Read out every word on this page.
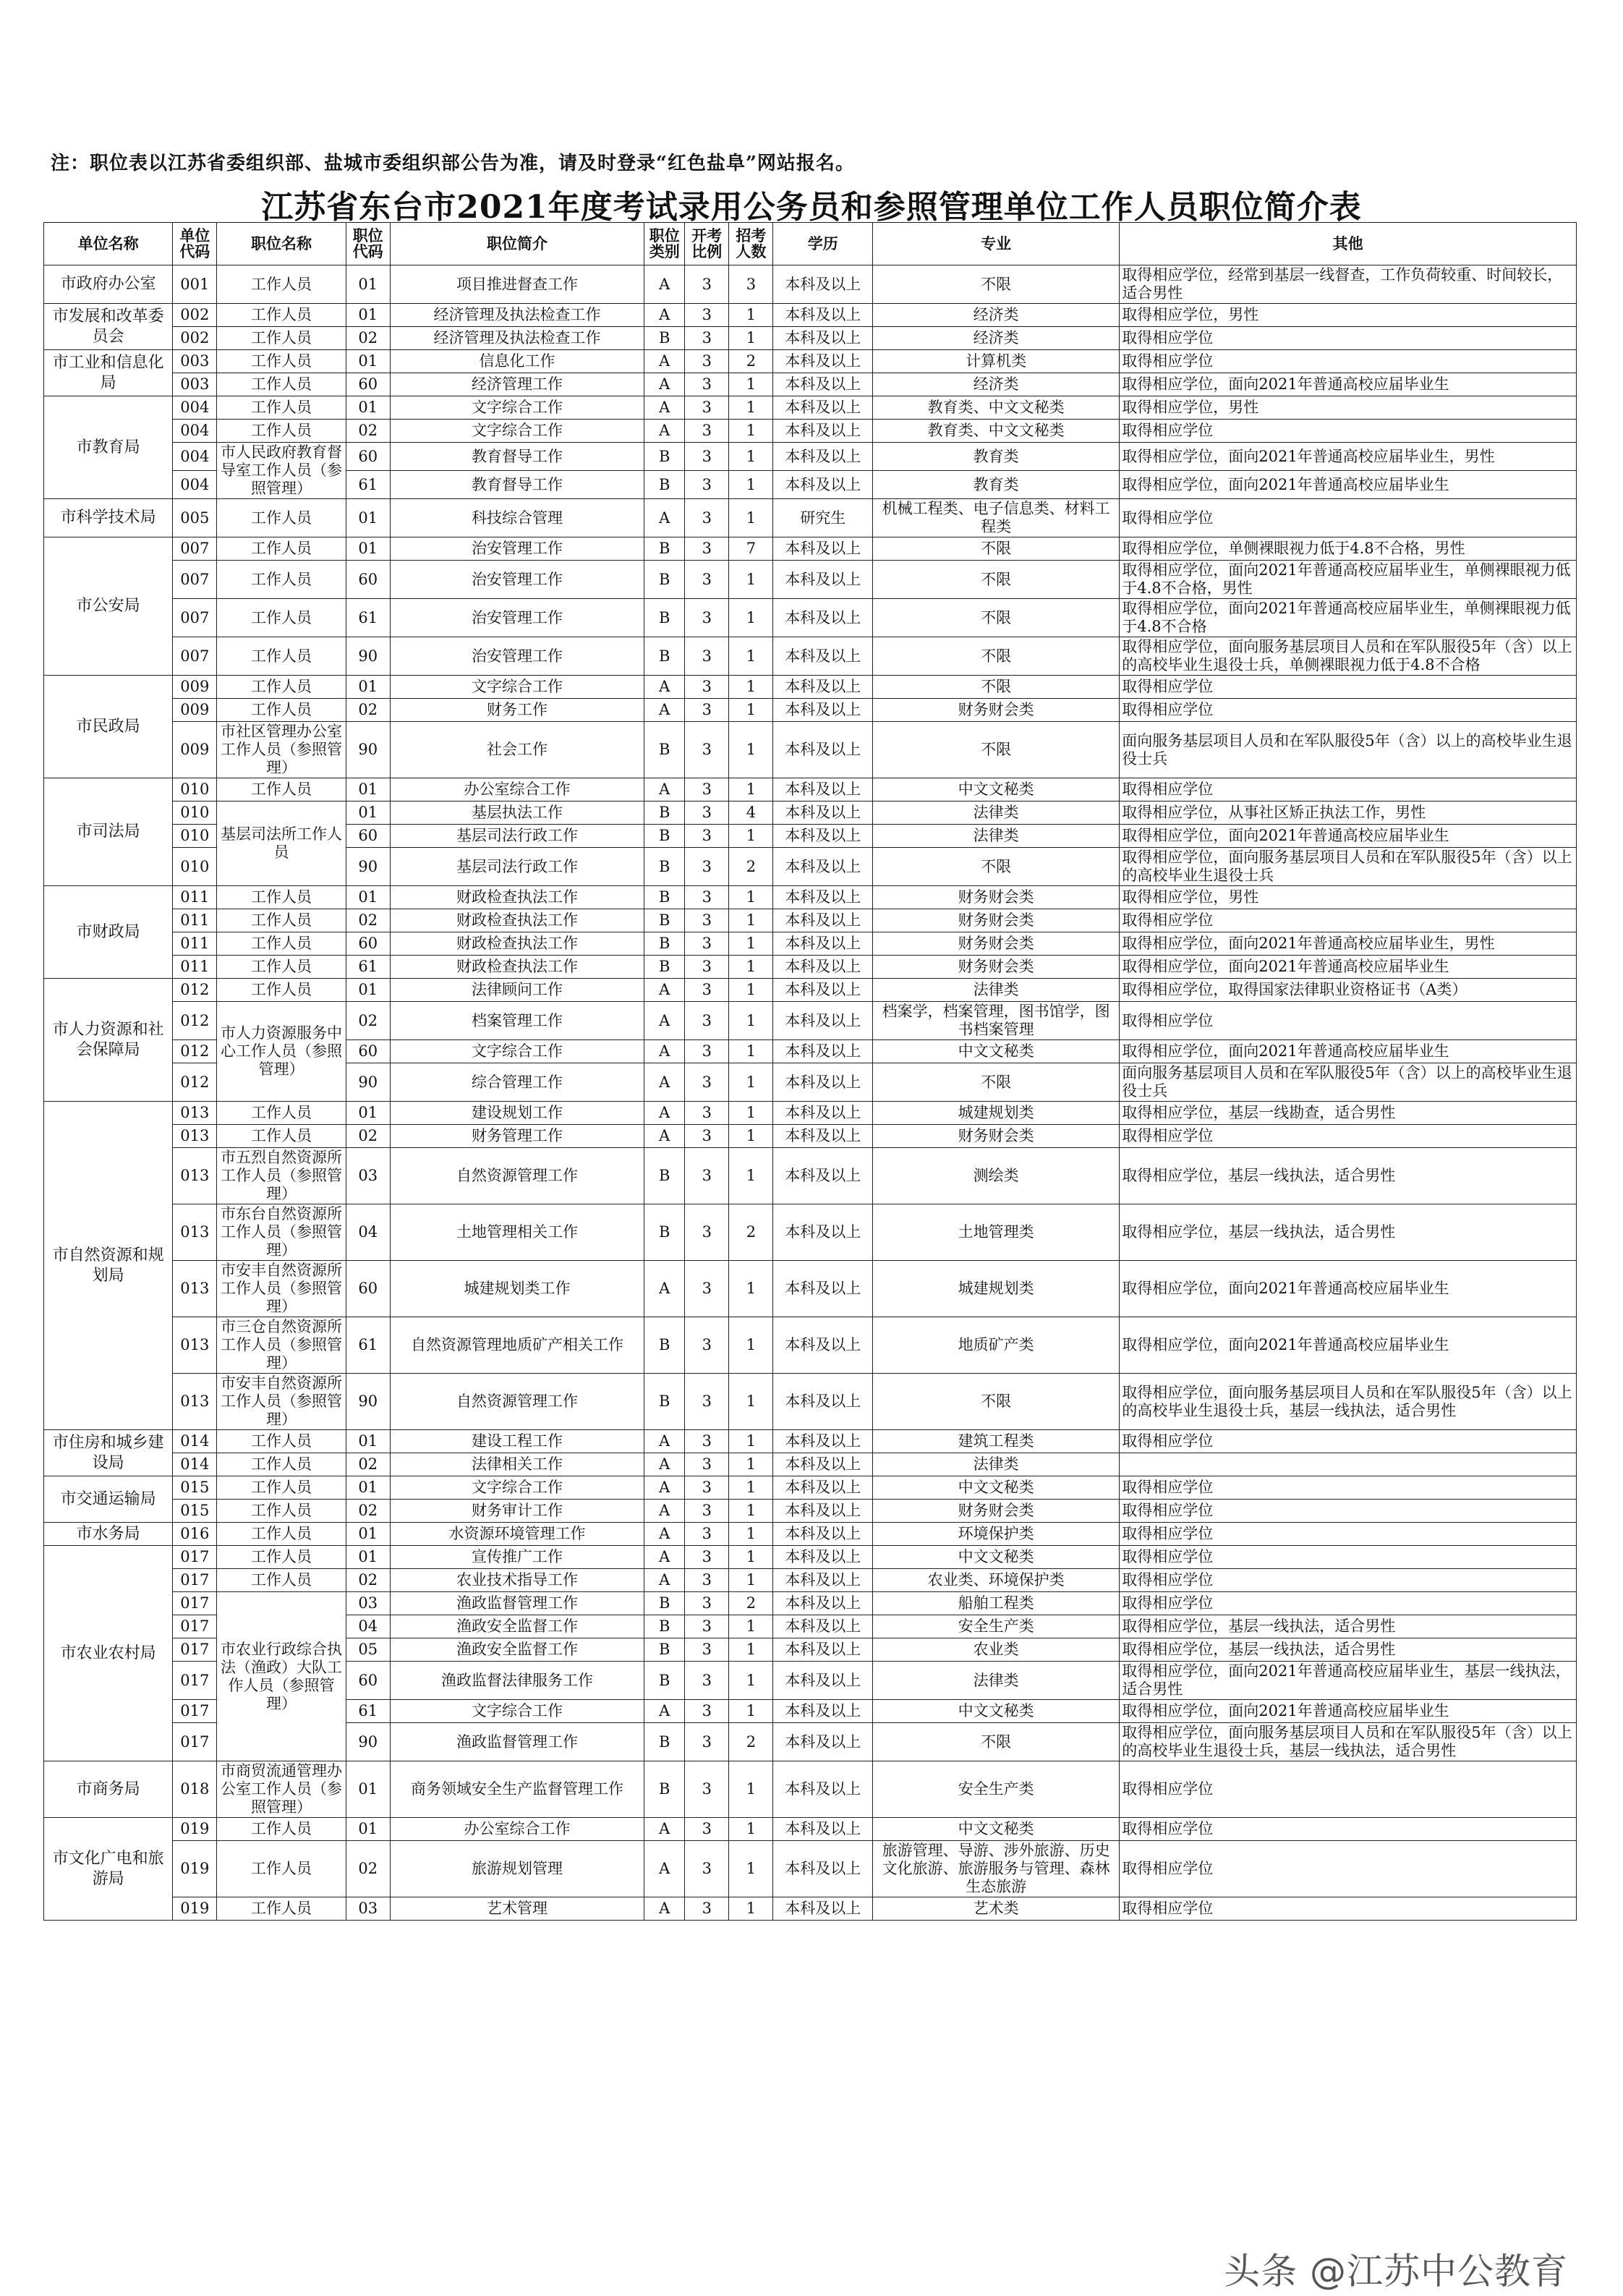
注：职位表以江苏省委组织部、盐城市委组织部公告为准，请及时登录“红色盐阜”网站报名。
江苏省东台市2021年度考试录用公务员和参照管理单位工作人员职位简介表
单位名称	单位代码	职位名称	职位代码	职位简介	职位类别	开考比例	招考人数	学历	专业	其他
市政府办公室	001	工作人员	01	项目推进督查工作	A	3	3	本科及以上	不限	取得相应学位，经常到基层一线督查，工作负荷较重、时间较长，适合男性
市发展和改革委员会	002	工作人员	01	经济管理及执法检查工作	A	3	1	本科及以上	经济类	取得相应学位，男性
	002	工作人员	02	经济管理及执法检查工作	B	3	1	本科及以上	经济类	取得相应学位
市工业和信息化局	003	工作人员	01	信息化工作	A	3	2	本科及以上	计算机类	取得相应学位
	003	工作人员	60	经济管理工作	A	3	1	本科及以上	经济类	取得相应学位，面向2021年普通高校应届毕业生
市教育局	004	工作人员	01	文字综合工作	A	3	1	本科及以上	教育类、中文文秘类	取得相应学位，男性
	004	工作人员	02	文字综合工作	A	3	1	本科及以上	教育类、中文文秘类	取得相应学位
	004	市人民政府教育督导室工作人员（参照管理）	60	教育督导工作	B	3	1	本科及以上	教育类	取得相应学位，面向2021年普通高校应届毕业生，男性
	004		61	教育督导工作	B	3	1	本科及以上	教育类	取得相应学位，面向2021年普通高校应届毕业生
市科学技术局	005	工作人员	01	科技综合管理	A	3	1	研究生	机械工程类、电子信息类、材料工程类	取得相应学位
市公安局	007	工作人员	01	治安管理工作	B	3	7	本科及以上	不限	取得相应学位，单侧裸眼视力低于4.8不合格，男性
	007	工作人员	60	治安管理工作	B	3	1	本科及以上	不限	取得相应学位，面向2021年普通高校应届毕业生，单侧裸眼视力低于4.8不合格，男性
	007	工作人员	61	治安管理工作	B	3	1	本科及以上	不限	取得相应学位，面向2021年普通高校应届毕业生，单侧裸眼视力低于4.8不合格
	007	工作人员	90	治安管理工作	B	3	1	本科及以上	不限	取得相应学位，面向服务基层项目人员和在军队服役5年（含）以上的高校毕业生退役士兵，单侧裸眼视力低于4.8不合格
市民政局	009	工作人员	01	文字综合工作	A	3	1	本科及以上	不限	取得相应学位
	009	工作人员	02	财务工作	A	3	1	本科及以上	财务财会类	取得相应学位
	009	市社区管理办公室工作人员（参照管理）	90	社会工作	B	3	1	本科及以上	不限	面向服务基层项目人员和在军队服役5年（含）以上的高校毕业生退役士兵
市司法局	010	工作人员	01	办公室综合工作	A	3	1	本科及以上	中文文秘类	取得相应学位
	010	基层司法所工作人员	01	基层执法工作	B	3	4	本科及以上	法律类	取得相应学位，从事社区矫正执法工作，男性
	010		60	基层司法行政工作	B	3	1	本科及以上	法律类	取得相应学位，面向2021年普通高校应届毕业生
	010		90	基层司法行政工作	B	3	2	本科及以上	不限	取得相应学位，面向服务基层项目人员和在军队服役5年（含）以上的高校毕业生退役士兵
市财政局	011	工作人员	01	财政检查执法工作	B	3	1	本科及以上	财务财会类	取得相应学位，男性
	011	工作人员	02	财政检查执法工作	B	3	1	本科及以上	财务财会类	取得相应学位
	011	工作人员	60	财政检查执法工作	B	3	1	本科及以上	财务财会类	取得相应学位，面向2021年普通高校应届毕业生，男性
	011	工作人员	61	财政检查执法工作	B	3	1	本科及以上	财务财会类	取得相应学位，面向2021年普通高校应届毕业生
市人力资源和社会保障局	012	工作人员	01	法律顾问工作	A	3	1	本科及以上	法律类	取得相应学位，取得国家法律职业资格证书（A类）
	012	市人力资源服务中心工作人员（参照管理）	02	档案管理工作	A	3	1	本科及以上	档案学，档案管理，图书馆学，图书档案管理	取得相应学位
	012		60	文字综合工作	A	3	1	本科及以上	中文文秘类	取得相应学位，面向2021年普通高校应届毕业生
	012		90	综合管理工作	A	3	1	本科及以上	不限	面向服务基层项目人员和在军队服役5年（含）以上的高校毕业生退役士兵
市自然资源和规划局	013	工作人员	01	建设规划工作	A	3	1	本科及以上	城建规划类	取得相应学位，基层一线勘查，适合男性
	013	工作人员	02	财务管理工作	A	3	1	本科及以上	财务财会类	取得相应学位
	013	市五烈自然资源所工作人员（参照管理）	03	自然资源管理工作	B	3	1	本科及以上	测绘类	取得相应学位，基层一线执法，适合男性
	013	市东台自然资源所工作人员（参照管理）	04	土地管理相关工作	B	3	2	本科及以上	土地管理类	取得相应学位，基层一线执法，适合男性
	013	市安丰自然资源所工作人员（参照管理）	60	城建规划类工作	A	3	1	本科及以上	城建规划类	取得相应学位，面向2021年普通高校应届毕业生
	013	市三仓自然资源所工作人员（参照管理）	61	自然资源管理地质矿产相关工作	B	3	1	本科及以上	地质矿产类	取得相应学位，面向2021年普通高校应届毕业生
	013	市安丰自然资源所工作人员（参照管理）	90	自然资源管理工作	B	3	1	本科及以上	不限	取得相应学位，面向服务基层项目人员和在军队服役5年（含）以上的高校毕业生退役士兵，基层一线执法，适合男性
市住房和城乡建设局	014	工作人员	01	建设工程工作	A	3	1	本科及以上	建筑工程类	取得相应学位
	014	工作人员	02	法律相关工作	A	3	1	本科及以上	法律类	
市交通运输局	015	工作人员	01	文字综合工作	A	3	1	本科及以上	中文文秘类	取得相应学位
	015	工作人员	02	财务审计工作	A	3	1	本科及以上	财务财会类	取得相应学位
市水务局	016	工作人员	01	水资源环境管理工作	A	3	1	本科及以上	环境保护类	取得相应学位
市农业农村局	017	工作人员	01	宣传推广工作	A	3	1	本科及以上	中文文秘类	取得相应学位
	017	工作人员	02	农业技术指导工作	A	3	1	本科及以上	农业类、环境保护类	取得相应学位
	017	市农业行政综合执法（渔政）大队工作人员（参照管理）	03	渔政监督管理工作	B	3	2	本科及以上	船舶工程类	取得相应学位
	017		04	渔政安全监督工作	B	3	1	本科及以上	安全生产类	取得相应学位，基层一线执法，适合男性
	017		05	渔政安全监督工作	B	3	1	本科及以上	农业类	取得相应学位，基层一线执法，适合男性
	017		60	渔政监督法律服务工作	B	3	1	本科及以上	法律类	取得相应学位，面向2021年普通高校应届毕业生，基层一线执法，适合男性
	017		61	文字综合工作	A	3	1	本科及以上	中文文秘类	取得相应学位，面向2021年普通高校应届毕业生
	017		90	渔政监督管理工作	B	3	2	本科及以上	不限	取得相应学位，面向服务基层项目人员和在军队服役5年（含）以上的高校毕业生退役士兵，基层一线执法，适合男性
市商务局	018	市商贸流通管理办公室工作人员（参照管理）	01	商务领域安全生产监督管理工作	B	3	1	本科及以上	安全生产类	取得相应学位
市文化广电和旅游局	019	工作人员	01	办公室综合工作	A	3	1	本科及以上	中文文秘类	取得相应学位
	019	工作人员	02	旅游规划管理	A	3	1	本科及以上	旅游管理、导游、涉外旅游、历史文化旅游、旅游服务与管理、森林生态旅游	取得相应学位
	019	工作人员	03	艺术管理	A	3	1	本科及以上	艺术类	取得相应学位
头条 @江苏中公教育
